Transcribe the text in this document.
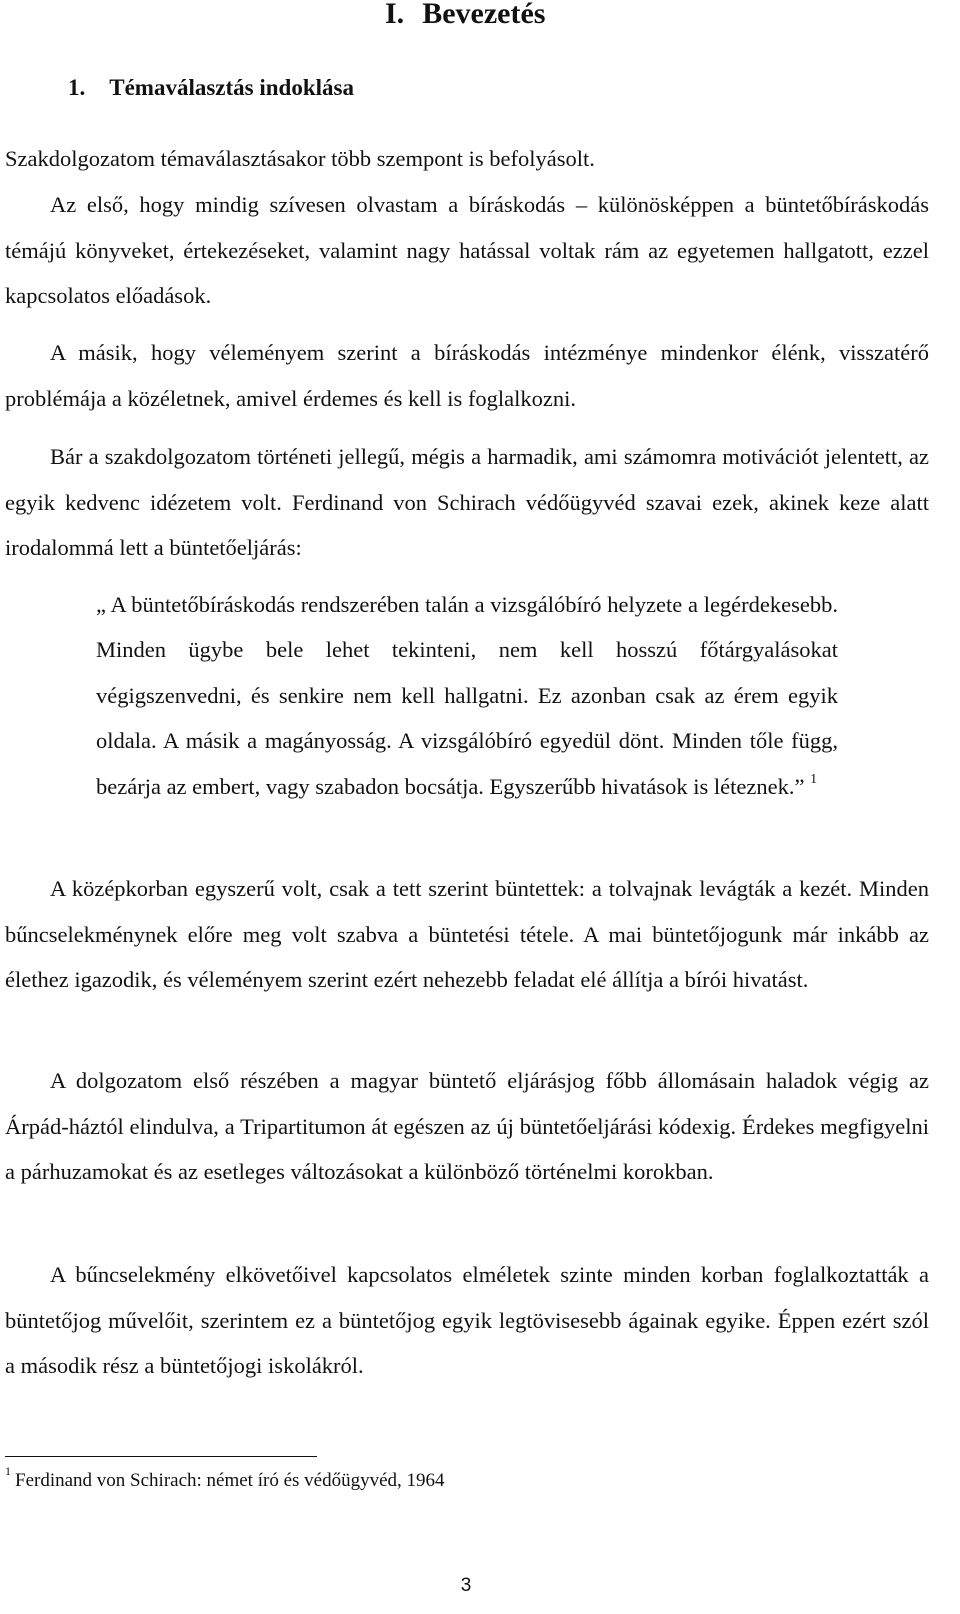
I. Bevezetés
1. Témaválasztás indoklása

Szakdolgozatom témaválasztásakor több szempont is befolyásolt.

Az első, hogy mindig szívesen olvastam a bíráskodás – különösképpen a büntetőbíráskodás témájú könyveket, értekezéseket, valamint nagy hatással voltak rám az egyetemen hallgatott, ezzel kapcsolatos előadások.

A másik, hogy véleményem szerint a bíráskodás intézménye mindenkor élénk, visszatérő problémája a közéletnek, amivel érdemes és kell is foglalkozni.

Bár a szakdolgozatom történeti jellegű, mégis a harmadik, ami számomra motivációt jelentett, az egyik kedvenc idézetem volt. Ferdinand von Schirach védőügyvéd szavai ezek, akinek keze alatt irodalommá lett a büntetőeljárás:

„ A büntetőbíráskodás rendszerében talán a vizsgálóbíró helyzete a legérdekesebb. Minden ügybe bele lehet tekinteni, nem kell hosszú főtárgyalásokat végigszenvedni, és senkire nem kell hallgatni. Ez azonban csak az érem egyik oldala. A másik a magányosság. A vizsgálóbíró egyedül dönt. Minden tőle függ, bezárja az embert, vagy szabadon bocsátja. Egyszerűbb hivatások is léteznek.” $^1$

A középkorban egyszerű volt, csak a tett szerint büntettek: a tolvajnak levágták a kezét. Minden bűncselekménynek előre meg volt szabva a büntetési tétele. A mai büntetőjogunk már inkább az élethez igazodik, és véleményem szerint ezért nehezebb feladat elé állítja a bírói hivatást.

A dolgozatom első részében a magyar büntető eljárásjog főbb állomásain haladok végig az Árpád-háztól elindulva, a Tripartitumon át egészen az új büntetőeljárási kódexig. Érdekes megfigyelni a párhuzamokat és az esetleges változásokat a különböző történelmi korokban.

A bűncselekmény elkövetőivel kapcsolatos elméletek szinte minden korban foglalkoztatták a büntetőjog művelőit, szerintem ez a büntetőjog egyik legtövisesebb ágainak egyike. Éppen ezért szól a második rész a büntetőjogi iskolákról.

$^1$ Ferdinand von Schirach: német író és védőügyvéd, 1964
3
